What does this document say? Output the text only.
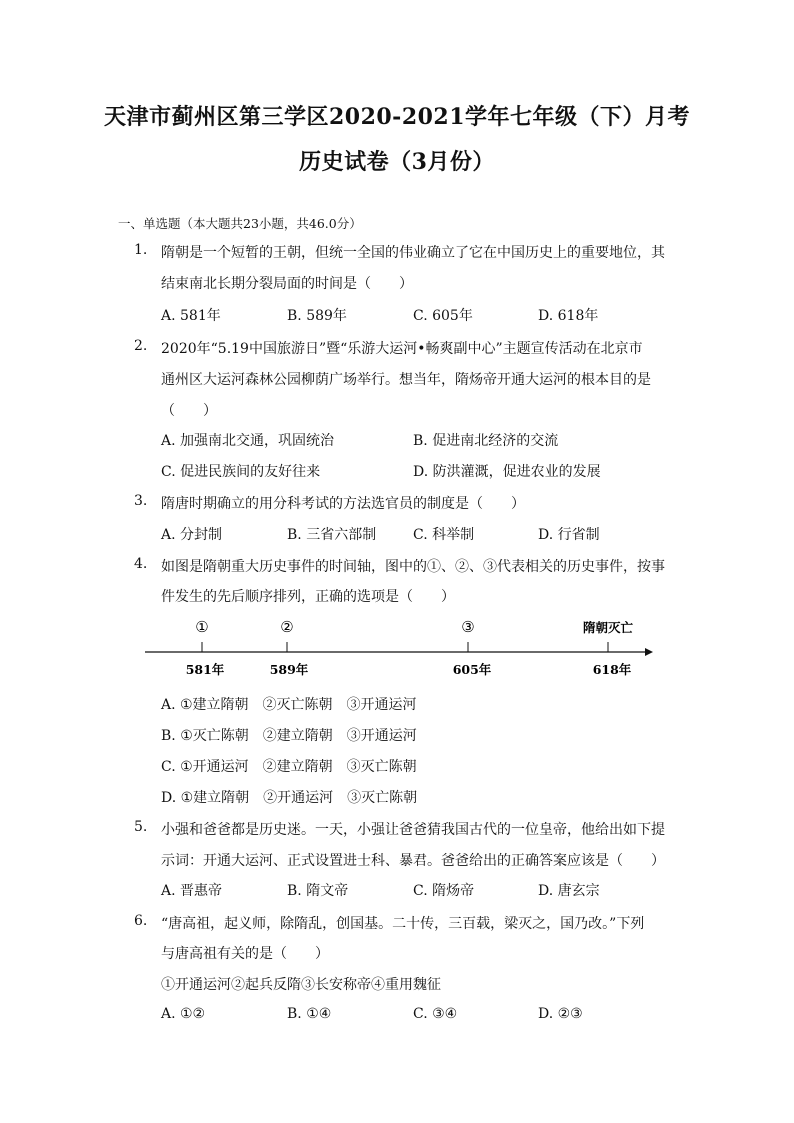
天津市蓟州区第三学区2020-2021学年七年级（下）月考
历史试卷（3月份）
一、单选题（本大题共23小题，共46.0分）
1. 隋朝是一个短暂的王朝，但统一全国的伟业确立了它在中国历史上的重要地位，其
结束南北长期分裂局面的时间是（　　）
A. 581年	B. 589年	C. 605年	D. 618年
2. 2020年“5.19中国旅游日”暨“乐游大运河•畅爽副中心”主题宣传活动在北京市
通州区大运河森林公园柳荫广场举行。想当年，隋炀帝开通大运河的根本目的是
（　　）
A. 加强南北交通，巩固统治	B. 促进南北经济的交流
C. 促进民族间的友好往来	D. 防洪灌溉，促进农业的发展
3. 隋唐时期确立的用分科考试的方法选官员的制度是（　　）
A. 分封制	B. 三省六部制	C. 科举制	D. 行省制
4. 如图是隋朝重大历史事件的时间轴，图中的①、②、③代表相关的历史事件，按事
件发生的先后顺序排列，正确的选项是（　　）
①	②	③	隋朝灭亡
581年	589年	605年	618年
A. ①建立隋朝　②灭亡陈朝　③开通运河
B. ①灭亡陈朝　②建立隋朝　③开通运河
C. ①开通运河　②建立隋朝　③灭亡陈朝
D. ①建立隋朝　②开通运河　③灭亡陈朝
5. 小强和爸爸都是历史迷。一天，小强让爸爸猜我国古代的一位皇帝，他给出如下提
示词：开通大运河、正式设置进士科、暴君。爸爸给出的正确答案应该是（　　）
A. 晋惠帝	B. 隋文帝	C. 隋炀帝	D. 唐玄宗
6. “唐高祖，起义师，除隋乱，创国基。二十传，三百载，梁灭之，国乃改。”下列
与唐高祖有关的是（　　）
①开通运河②起兵反隋③长安称帝④重用魏征
A. ①②	B. ①④	C. ③④	D. ②③
